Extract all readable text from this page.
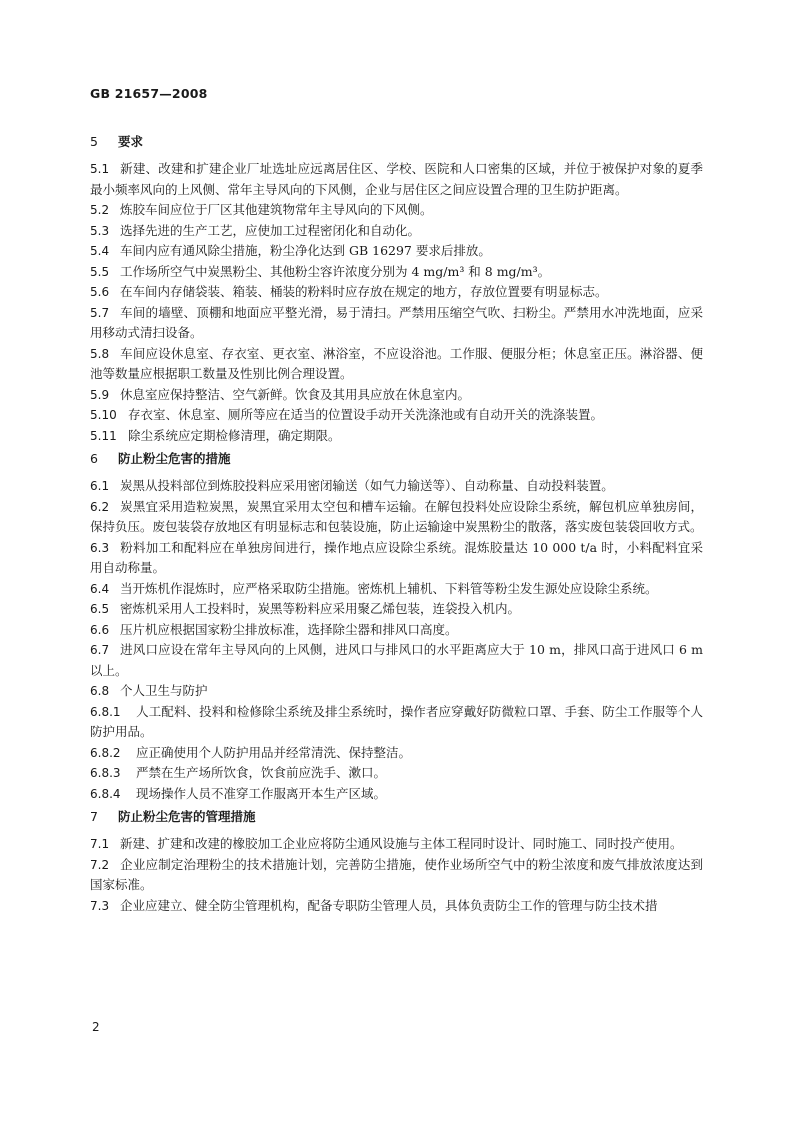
GB 21657—2008
5 要求
5.1 新建、改建和扩建企业厂址选址应远离居住区、学校、医院和人口密集的区域，并位于被保护对象的夏季最小频率风向的上风侧、常年主导风向的下风侧，企业与居住区之间应设置合理的卫生防护距离。
5.2 炼胶车间应位于厂区其他建筑物常年主导风向的下风侧。
5.3 选择先进的生产工艺，应使加工过程密闭化和自动化。
5.4 车间内应有通风除尘措施，粉尘净化达到 GB 16297 要求后排放。
5.5 工作场所空气中炭黑粉尘、其他粉尘容许浓度分别为 4 mg/m³ 和 8 mg/m³。
5.6 在车间内存储袋装、箱装、桶装的粉料时应存放在规定的地方，存放位置要有明显标志。
5.7 车间的墙壁、顶棚和地面应平整光滑，易于清扫。严禁用压缩空气吹、扫粉尘。严禁用水冲洗地面，应采用移动式清扫设备。
5.8 车间应设休息室、存衣室、更衣室、淋浴室，不应设浴池。工作服、便服分柜；休息室正压。淋浴器、便池等数量应根据职工数量及性别比例合理设置。
5.9 休息室应保持整洁、空气新鲜。饮食及其用具应放在休息室内。
5.10 存衣室、休息室、厕所等应在适当的位置设手动开关洗涤池或有自动开关的洗涤装置。
5.11 除尘系统应定期检修清理，确定期限。
6 防止粉尘危害的措施
6.1 炭黑从投料部位到炼胶投料应采用密闭输送（如气力输送等）、自动称量、自动投料装置。
6.2 炭黑宜采用造粒炭黑，炭黑宜采用太空包和槽车运输。在解包投料处应设除尘系统，解包机应单独房间，保持负压。废包装袋存放地区有明显标志和包装设施，防止运输途中炭黑粉尘的散落，落实废包装袋回收方式。
6.3 粉料加工和配料应在单独房间进行，操作地点应设除尘系统。混炼胶量达 10 000 t/a 时，小料配料宜采用自动称量。
6.4 当开炼机作混炼时，应严格采取防尘措施。密炼机上辅机、下料管等粉尘发生源处应设除尘系统。
6.5 密炼机采用人工投料时，炭黑等粉料应采用聚乙烯包装，连袋投入机内。
6.6 压片机应根据国家粉尘排放标准，选择除尘器和排风口高度。
6.7 进风口应设在常年主导风向的上风侧，进风口与排风口的水平距离应大于 10 m，排风口高于进风口 6 m 以上。
6.8 个人卫生与防护
6.8.1 人工配料、投料和检修除尘系统及排尘系统时，操作者应穿戴好防微粒口罩、手套、防尘工作服等个人防护用品。
6.8.2 应正确使用个人防护用品并经常清洗、保持整洁。
6.8.3 严禁在生产场所饮食，饮食前应洗手、漱口。
6.8.4 现场操作人员不准穿工作服离开本生产区域。
7 防止粉尘危害的管理措施
7.1 新建、扩建和改建的橡胶加工企业应将防尘通风设施与主体工程同时设计、同时施工、同时投产使用。
7.2 企业应制定治理粉尘的技术措施计划，完善防尘措施，使作业场所空气中的粉尘浓度和废气排放浓度达到国家标准。
7.3 企业应建立、健全防尘管理机构，配备专职防尘管理人员，具体负责防尘工作的管理与防尘技术措
2
